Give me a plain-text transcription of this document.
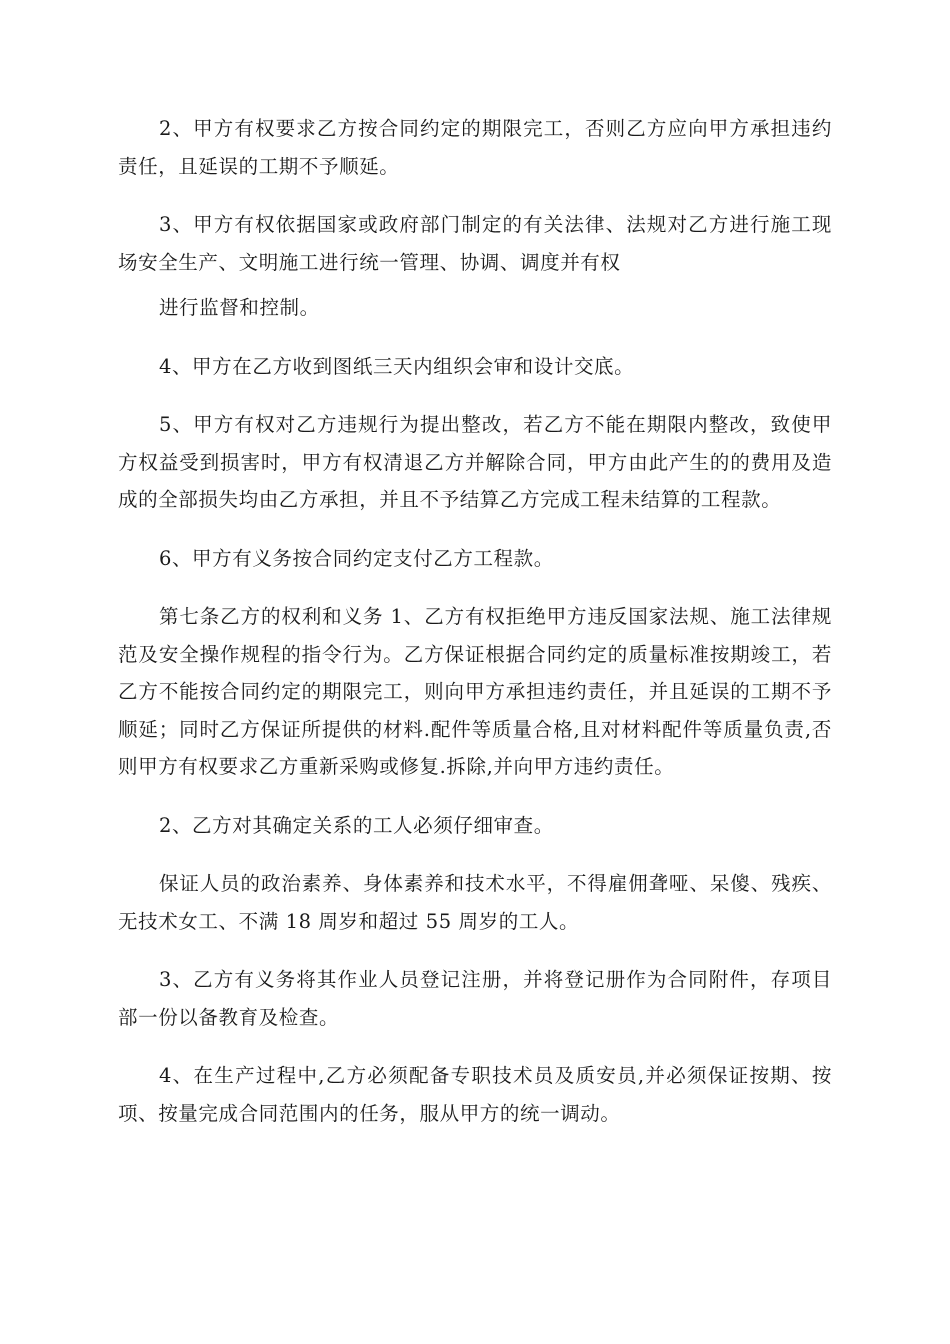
2、甲方有权要求乙方按合同约定的期限完工，否则乙方应向甲方承担违约责任，且延误的工期不予顺延。

3、甲方有权依据国家或政府部门制定的有关法律、法规对乙方进行施工现场安全生产、文明施工进行统一管理、协调、调度并有权

进行监督和控制。

4、甲方在乙方收到图纸三天内组织会审和设计交底。

5、甲方有权对乙方违规行为提出整改，若乙方不能在期限内整改，致使甲方权益受到损害时，甲方有权清退乙方并解除合同，甲方由此产生的的费用及造成的全部损失均由乙方承担，并且不予结算乙方完成工程未结算的工程款。

6、甲方有义务按合同约定支付乙方工程款。

第七条乙方的权利和义务 1、乙方有权拒绝甲方违反国家法规、施工法律规范及安全操作规程的指令行为。乙方保证根据合同约定的质量标准按期竣工，若乙方不能按合同约定的期限完工，则向甲方承担违约责任，并且延误的工期不予顺延；同时乙方保证所提供的材料.配件等质量合格,且对材料配件等质量负责,否则甲方有权要求乙方重新采购或修复.拆除,并向甲方违约责任。

2、乙方对其确定关系的工人必须仔细审查。

保证人员的政治素养、身体素养和技术水平，不得雇佣聋哑、呆傻、残疾、无技术女工、不满 18 周岁和超过 55 周岁的工人。

3、乙方有义务将其作业人员登记注册，并将登记册作为合同附件，存项目部一份以备教育及检查。

4、在生产过程中,乙方必须配备专职技术员及质安员,并必须保证按期、按项、按量完成合同范围内的任务，服从甲方的统一调动。
